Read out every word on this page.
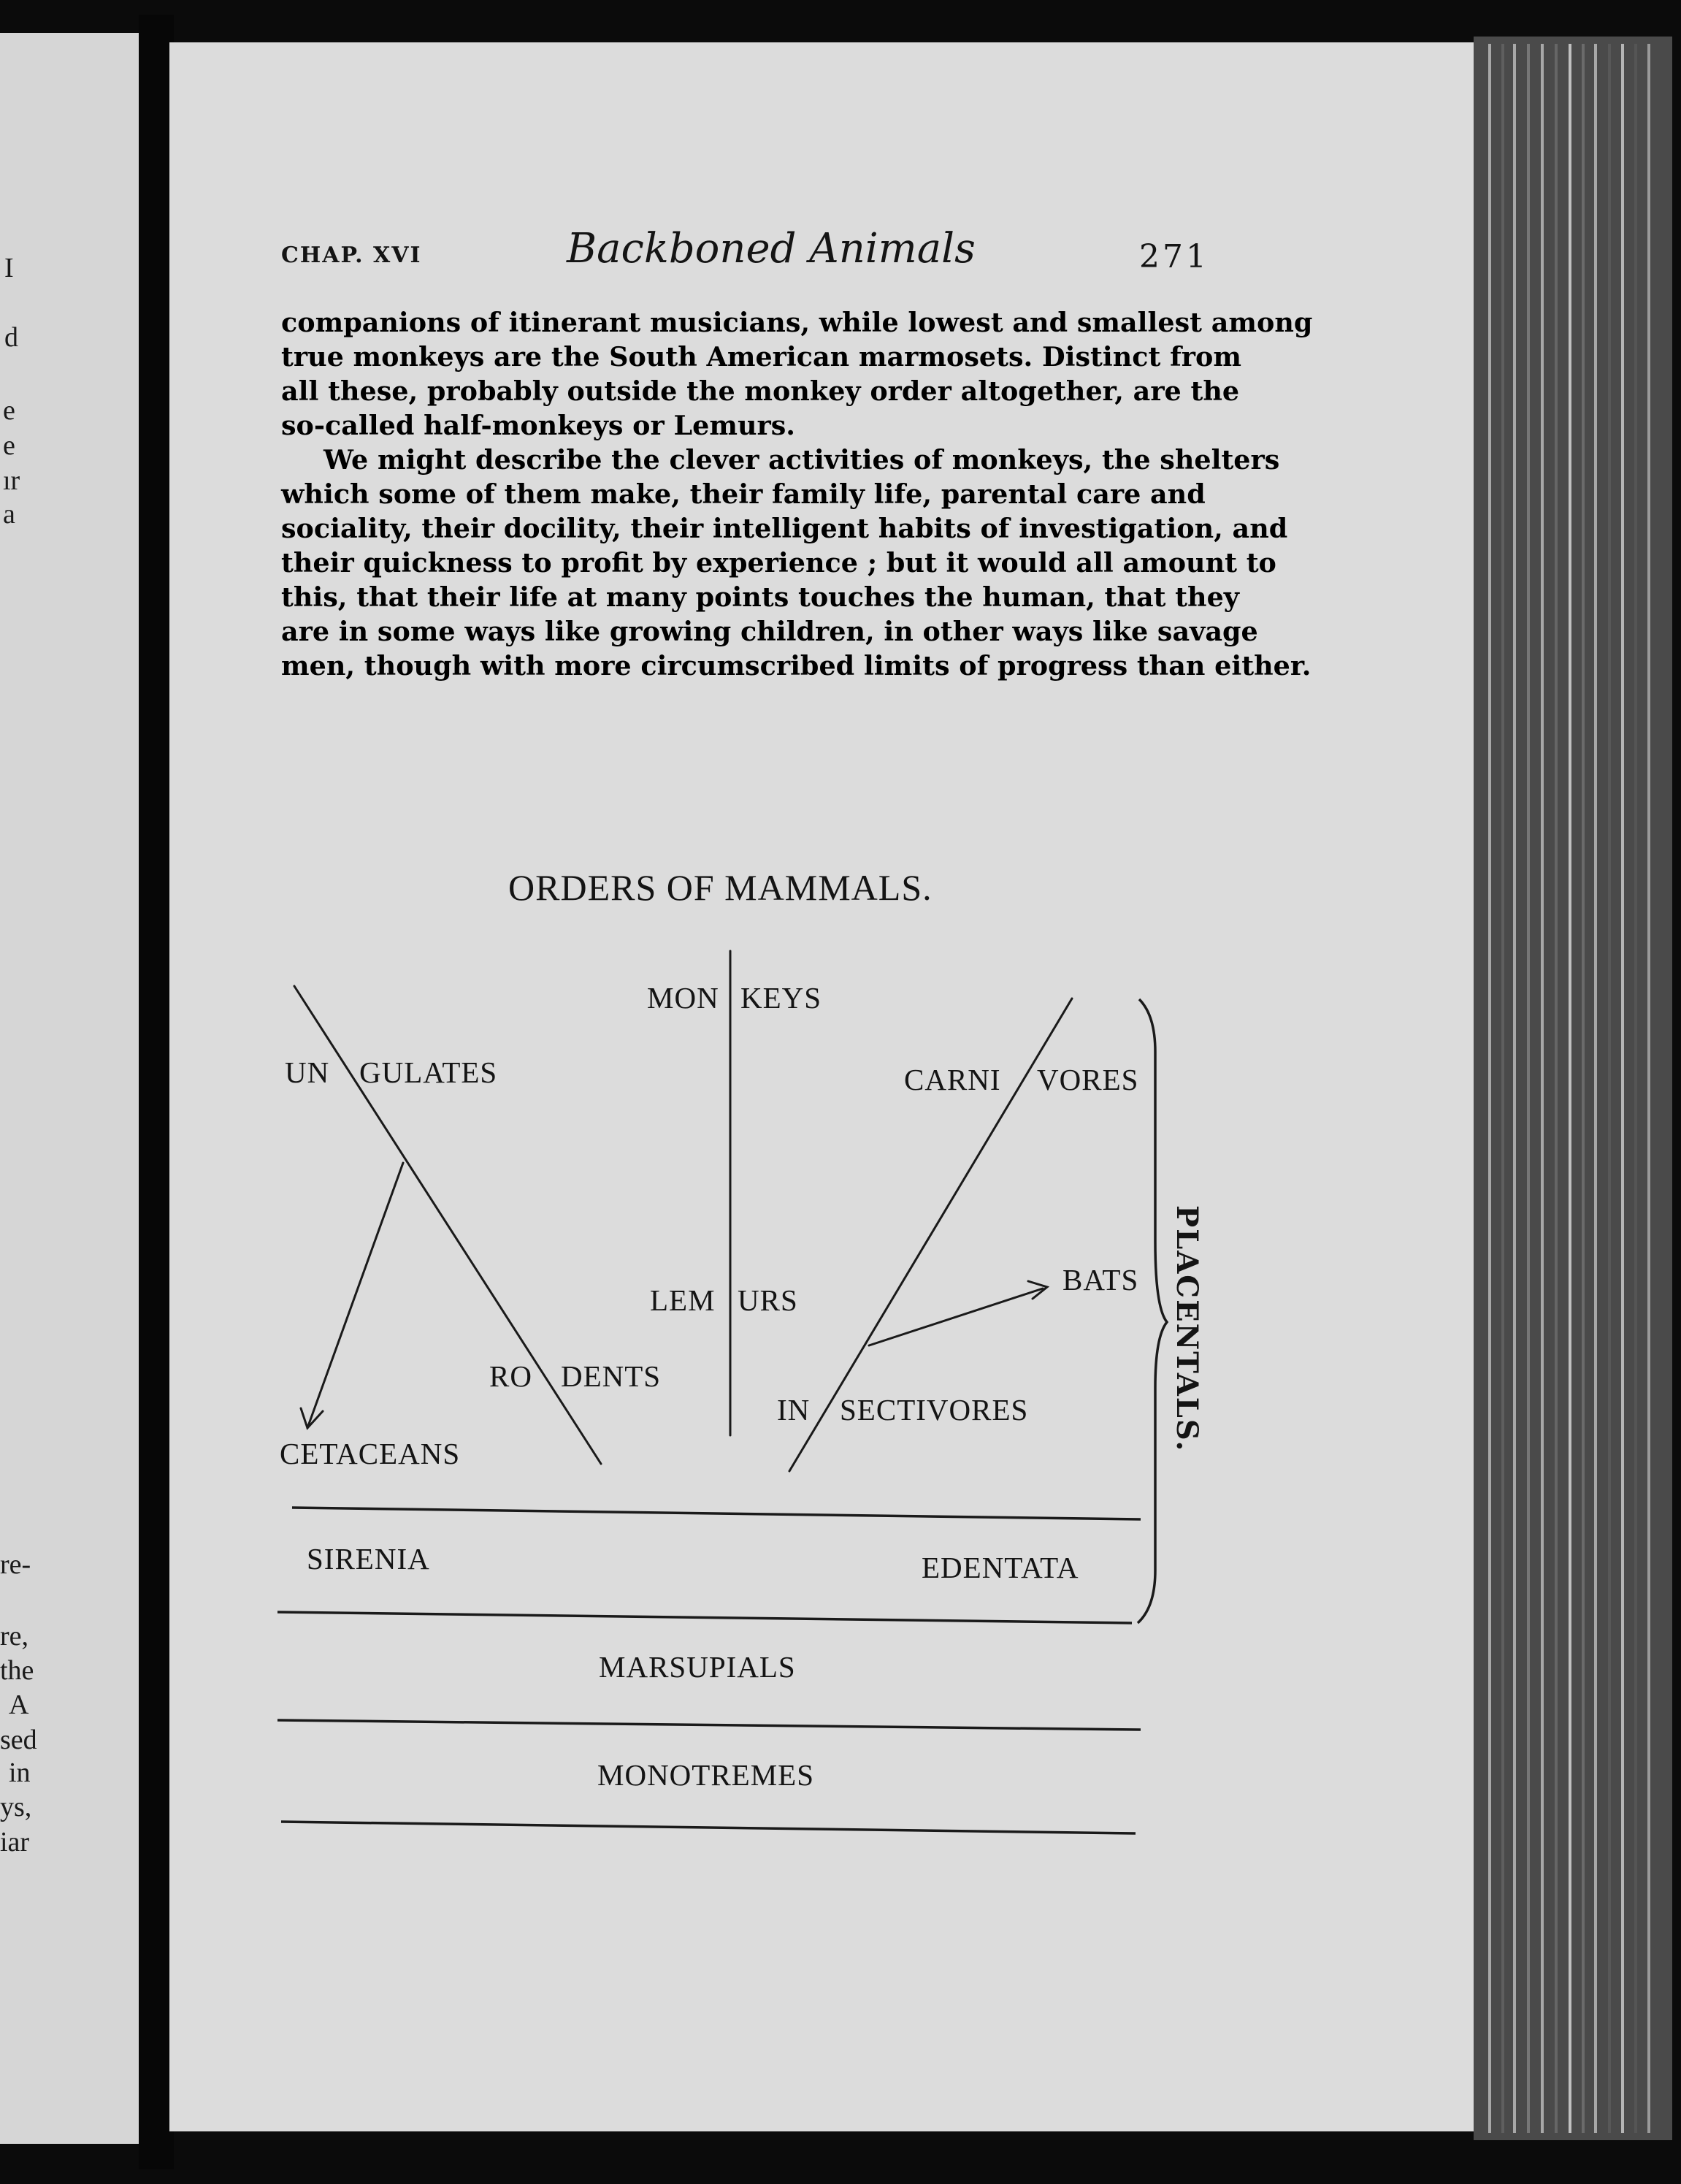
I

d

e

e

ır

a

re-

re,

the

A

sed

in

ys,

iar

CHAP. XVI	Backboned Animals	271

companions of itinerant musicians, while lowest and smallest among

true monkeys are the South American marmosets. Distinct from

all these, probably outside the monkey order altogether, are the

so-called half-monkeys or Lemurs.

We might describe the clever activities of monkeys, the shelters

which some of them make, their family life, parental care and

sociality, their docility, their intelligent habits of investigation, and

their quickness to profit by experience ; but it would all amount to

this, that their life at many points touches the human, that they

are in some ways like growing children, in other ways like savage

men, though with more circumscribed limits of progress than either.

ORDERS OF MAMMALS.

UN GULATES

MON KEYS

CARNI VORES

LEM URS

BATS

RO DENTS

IN SECTIVORES

CETACEANS

SIRENIA	EDENTATA

MARSUPIALS

MONOTREMES

PLACENTALS.
